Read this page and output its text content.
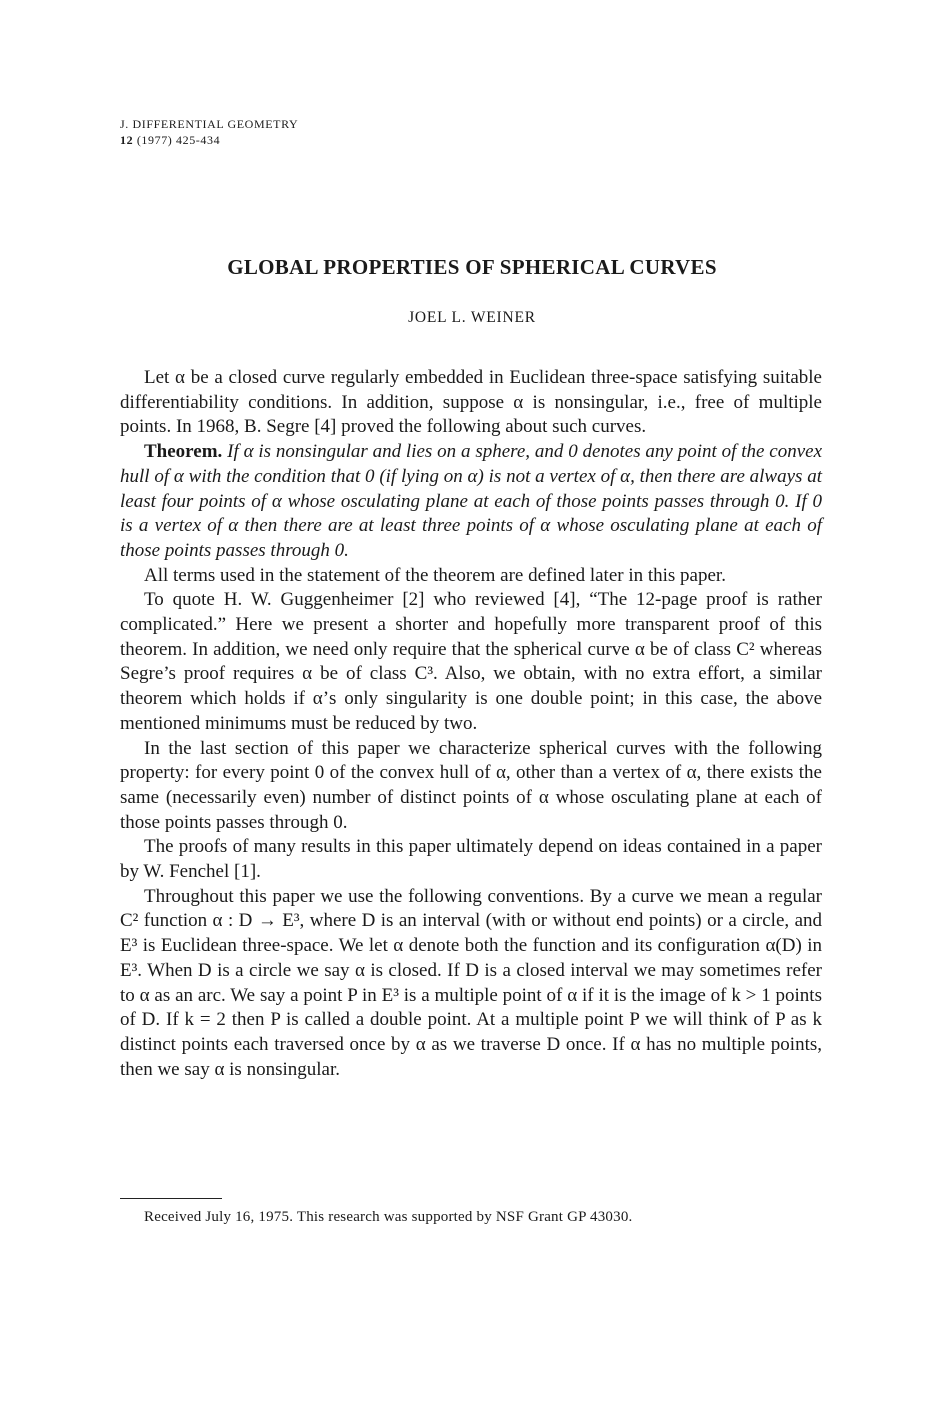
J. DIFFERENTIAL GEOMETRY
12 (1977) 425-434
GLOBAL PROPERTIES OF SPHERICAL CURVES
JOEL L. WEINER

Let α be a closed curve regularly embedded in Euclidean three-space satisfying suitable differentiability conditions. In addition, suppose α is nonsingular, i.e., free of multiple points. In 1968, B. Segre [4] proved the following about such curves.

Theorem. If α is nonsingular and lies on a sphere, and 0 denotes any point of the convex hull of α with the condition that 0 (if lying on α) is not a vertex of α, then there are always at least four points of α whose osculating plane at each of those points passes through 0. If 0 is a vertex of α then there are at least three points of α whose osculating plane at each of those points passes through 0.

All terms used in the statement of the theorem are defined later in this paper.

To quote H. W. Guggenheimer [2] who reviewed [4], “The 12-page proof is rather complicated.” Here we present a shorter and hopefully more transparent proof of this theorem. In addition, we need only require that the spherical curve α be of class C² whereas Segre’s proof requires α be of class C³. Also, we obtain, with no extra effort, a similar theorem which holds if α’s only singularity is one double point; in this case, the above mentioned minimums must be reduced by two.

In the last section of this paper we characterize spherical curves with the following property: for every point 0 of the convex hull of α, other than a vertex of α, there exists the same (necessarily even) number of distinct points of α whose osculating plane at each of those points passes through 0.

The proofs of many results in this paper ultimately depend on ideas contained in a paper by W. Fenchel [1].

Throughout this paper we use the following conventions. By a curve we mean a regular C² function α : D → E³, where D is an interval (with or without end points) or a circle, and E³ is Euclidean three-space. We let α denote both the function and its configuration α(D) in E³. When D is a circle we say α is closed. If D is a closed interval we may sometimes refer to α as an arc. We say a point P in E³ is a multiple point of α if it is the image of k > 1 points of D. If k = 2 then P is called a double point. At a multiple point P we will think of P as k distinct points each traversed once by α as we traverse D once. If α has no multiple points, then we say α is nonsingular.

Received July 16, 1975. This research was supported by NSF Grant GP 43030.
